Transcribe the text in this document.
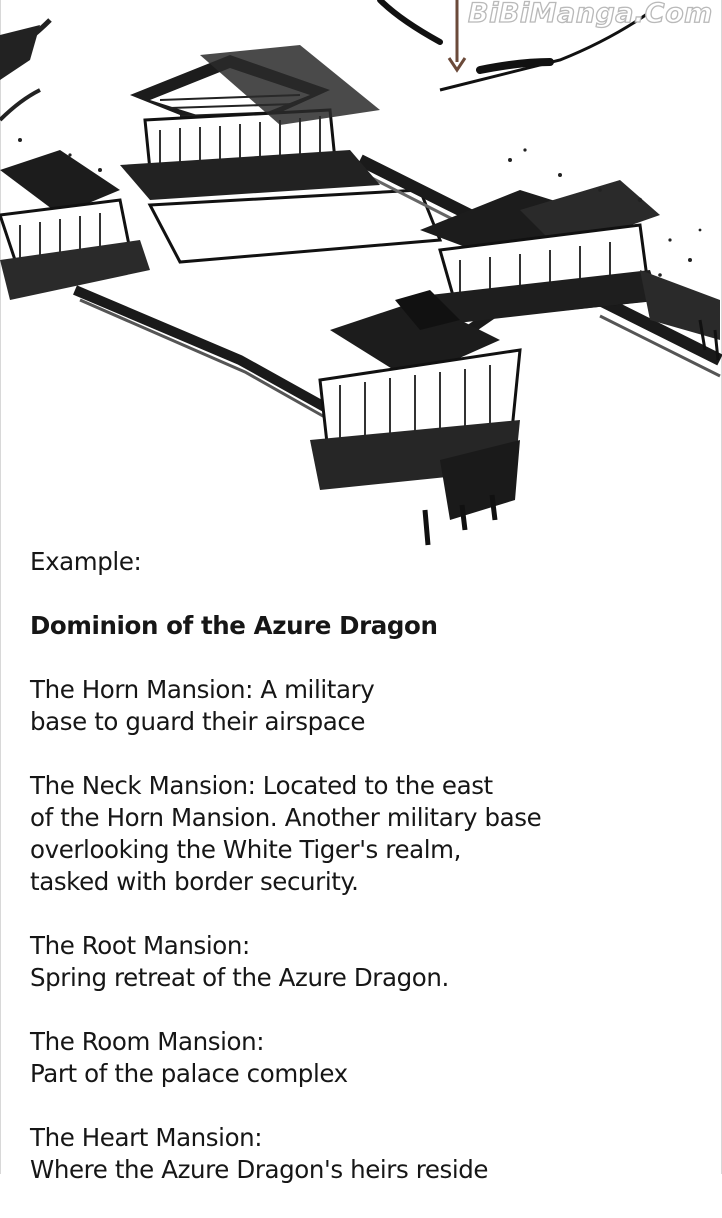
BiBiManga.Com

Example:

Dominion of the Azure Dragon

The Horn Mansion: A military
base to guard their airspace

The Neck Mansion: Located to the east
of the Horn Mansion. Another military base
overlooking the White Tiger's realm,
tasked with border security.

The Root Mansion:
Spring retreat of the Azure Dragon.

The Room Mansion:
Part of the palace complex

The Heart Mansion:
Where the Azure Dragon's heirs reside
